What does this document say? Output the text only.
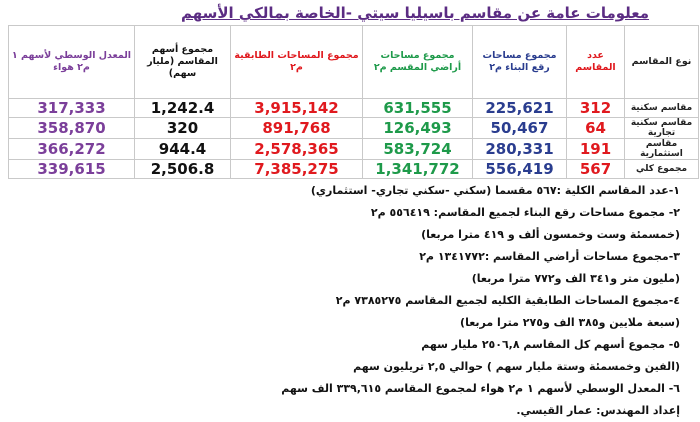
معلومات عامة عن مقاسم باسيليا سيتي -الخاصة بمالكي الأسهم
نوع المقاسم	عدد المقاسم	مجموع مساحات رقع البناء م٢	مجموع مساحات أراضي المقسم م٢	مجموع المساحات الطابقية م٢	مجموع أسهم المقاسم (مليار سهم)	المعدل الوسطي لأسهم ١ م٢ هواء
مقاسم سكنية	312	225,621	631,555	3,915,142	1,242.4	317,333
مقاسم سكنية تجارية	64	50,467	126,493	891,768	320	358,870
مقاسم استثمارية	191	280,331	583,724	2,578,365	944.4	366,272
مجموع كلي	567	556,419	1,341,772	7,385,275	2,506.8	339,615
١-عدد المقاسم الكلية :٥٦٧ مقسما (سكني -سكني تجاري- استثماري)
٢- مجموع مساحات رقع البناء لجميع المقاسم: ٥٥٦٤١٩ م٢
(خمسمئة وست وخمسون ألف و ٤١٩ مترا مربعا)
٣-مجموع مساحات أراضي المقاسم :١٣٤١٧٧٢ م٢
(مليون متر و٣٤١ الف و٧٧٢ مترا مربعا)
٤-مجموع المساحات الطابقية الكليه لجميع المقاسم ٧٣٨٥٢٧٥ م٢
(سبعة ملايين و٣٨٥ الف و٢٧٥ مترا مربعا)
٥- مجموع أسهم كل المقاسم ٢٥٠٦,٨ مليار سهم
(الفين وخمسمئة وستة مليار سهم ) حوالي ٢,٥ تريليون سهم
٦- المعدل الوسطي لأسهم ١ م٢ هواء لمجموع المقاسم ٣٣٩,٦١٥ الف سهم
إعداد المهندس: عمار القيسي.
